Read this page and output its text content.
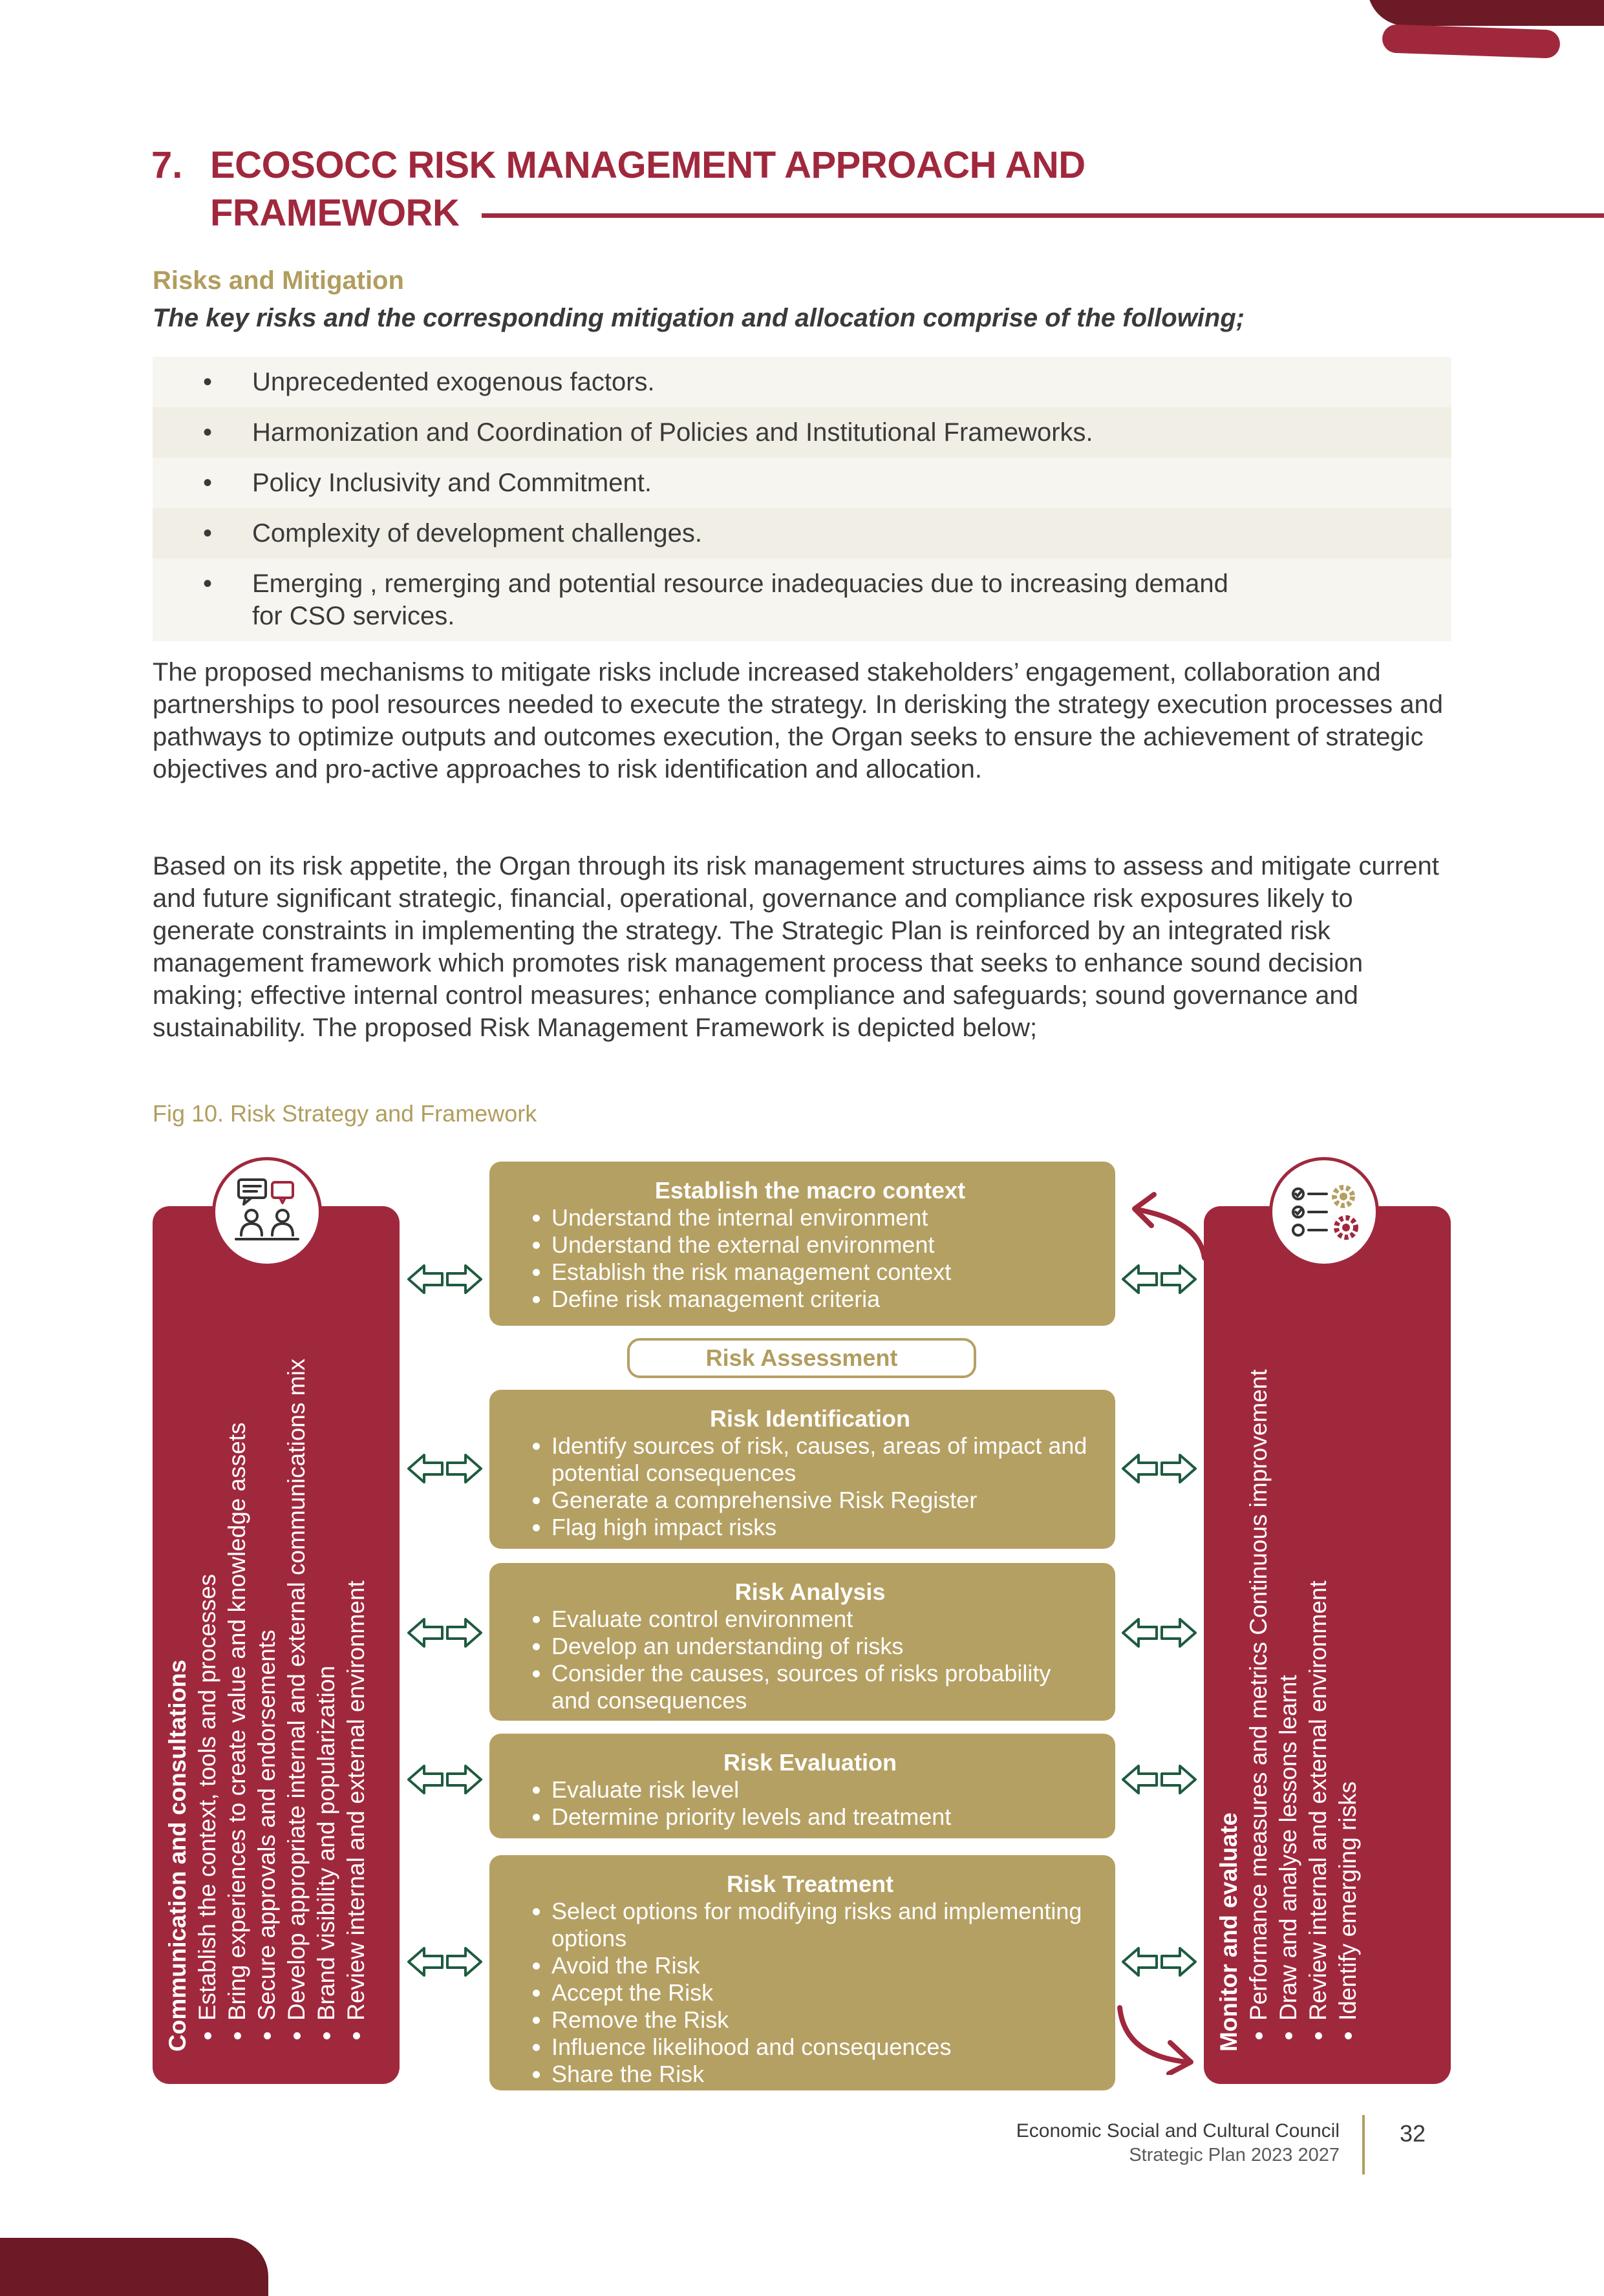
7. ECOSOCC RISK MANAGEMENT APPROACH AND
FRAMEWORK
Risks and Mitigation
The key risks and the corresponding mitigation and allocation comprise of the following;
• Unprecedented exogenous factors.
• Harmonization and Coordination of Policies and Institutional Frameworks.
• Policy Inclusivity and Commitment.
• Complexity of development challenges.
• Emerging , remerging and potential resource inadequacies due to increasing demand for CSO services.
The proposed mechanisms to mitigate risks include increased stakeholders’ engagement, collaboration and partnerships to pool resources needed to execute the strategy. In derisking the strategy execution processes and pathways to optimize outputs and outcomes execution, the Organ seeks to ensure the achievement of strategic objectives and pro-active approaches to risk identification and allocation.
Based on its risk appetite, the Organ through its risk management structures aims to assess and mitigate current and future significant strategic, financial, operational, governance and compliance risk exposures likely to generate constraints in implementing the strategy. The Strategic Plan is reinforced by an integrated risk management framework which promotes risk management process that seeks to enhance sound decision making; effective internal control measures; enhance compliance and safeguards; sound governance and sustainability. The proposed Risk Management Framework is depicted below;
Fig 10. Risk Strategy and Framework
Communication and consultations • Establish the context, tools and processes • Bring experiences to create value and knowledge assets • Secure approvals and endorsements • Develop appropriate internal and external communications mix • Brand visibility and popularization • Review internal and external environment	Monitor and evaluate • Performance measures and metrics Continuous improvement • Draw and analyse lessons learnt • Review internal and external environment • Identify emerging risks
Establish the macro context
• Understand the internal environment
• Understand the external environment
• Establish the risk management context
• Define risk management criteria
Risk Assessment
Risk Identification
• Identify sources of risk, causes, areas of impact and potential consequences
• Generate a comprehensive Risk Register
• Flag high impact risks
Risk Analysis
• Evaluate control environment
• Develop an understanding of risks
• Consider the causes, sources of risks probability and consequences
Risk Evaluation
• Evaluate risk level
• Determine priority levels and treatment
Risk Treatment
• Select options for modifying risks and implementing options
• Avoid the Risk
• Accept the Risk
• Remove the Risk
• Influence likelihood and consequences
• Share the Risk
Economic Social and Cultural Council
Strategic Plan 2023 2027
32
